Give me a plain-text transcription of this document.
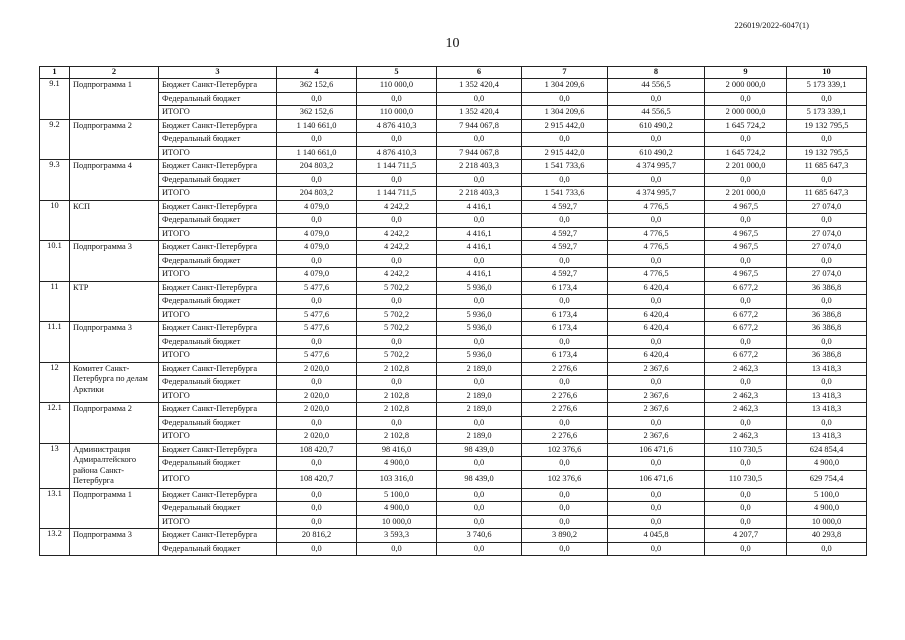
226019/2022-6047(1)
10
1	2	3	4	5	6	7	8	9	10
9.1	Подпрограмма 1	Бюджет Санкт-Петербурга	362 152,6	110 000,0	1 352 420,4	1 304 209,6	44 556,5	2 000 000,0	5 173 339,1
		Федеральный бюджет	0,0	0,0	0,0	0,0	0,0	0,0	0,0
		ИТОГО	362 152,6	110 000,0	1 352 420,4	1 304 209,6	44 556,5	2 000 000,0	5 173 339,1
9.2	Подпрограмма 2	Бюджет Санкт-Петербурга	1 140 661,0	4 876 410,3	7 944 067,8	2 915 442,0	610 490,2	1 645 724,2	19 132 795,5
		Федеральный бюджет	0,0	0,0	0,0	0,0	0,0	0,0	0,0
		ИТОГО	1 140 661,0	4 876 410,3	7 944 067,8	2 915 442,0	610 490,2	1 645 724,2	19 132 795,5
9.3	Подпрограмма 4	Бюджет Санкт-Петербурга	204 803,2	1 144 711,5	2 218 403,3	1 541 733,6	4 374 995,7	2 201 000,0	11 685 647,3
		Федеральный бюджет	0,0	0,0	0,0	0,0	0,0	0,0	0,0
		ИТОГО	204 803,2	1 144 711,5	2 218 403,3	1 541 733,6	4 374 995,7	2 201 000,0	11 685 647,3
10	КСП	Бюджет Санкт-Петербурга	4 079,0	4 242,2	4 416,1	4 592,7	4 776,5	4 967,5	27 074,0
		Федеральный бюджет	0,0	0,0	0,0	0,0	0,0	0,0	0,0
		ИТОГО	4 079,0	4 242,2	4 416,1	4 592,7	4 776,5	4 967,5	27 074,0
10.1	Подпрограмма 3	Бюджет Санкт-Петербурга	4 079,0	4 242,2	4 416,1	4 592,7	4 776,5	4 967,5	27 074,0
		Федеральный бюджет	0,0	0,0	0,0	0,0	0,0	0,0	0,0
		ИТОГО	4 079,0	4 242,2	4 416,1	4 592,7	4 776,5	4 967,5	27 074,0
11	КТР	Бюджет Санкт-Петербурга	5 477,6	5 702,2	5 936,0	6 173,4	6 420,4	6 677,2	36 386,8
		Федеральный бюджет	0,0	0,0	0,0	0,0	0,0	0,0	0,0
		ИТОГО	5 477,6	5 702,2	5 936,0	6 173,4	6 420,4	6 677,2	36 386,8
11.1	Подпрограмма 3	Бюджет Санкт-Петербурга	5 477,6	5 702,2	5 936,0	6 173,4	6 420,4	6 677,2	36 386,8
		Федеральный бюджет	0,0	0,0	0,0	0,0	0,0	0,0	0,0
		ИТОГО	5 477,6	5 702,2	5 936,0	6 173,4	6 420,4	6 677,2	36 386,8
12	Комитет Санкт-Петербурга по делам Арктики	Бюджет Санкт-Петербурга	2 020,0	2 102,8	2 189,0	2 276,6	2 367,6	2 462,3	13 418,3
		Федеральный бюджет	0,0	0,0	0,0	0,0	0,0	0,0	0,0
		ИТОГО	2 020,0	2 102,8	2 189,0	2 276,6	2 367,6	2 462,3	13 418,3
12.1	Подпрограмма 2	Бюджет Санкт-Петербурга	2 020,0	2 102,8	2 189,0	2 276,6	2 367,6	2 462,3	13 418,3
		Федеральный бюджет	0,0	0,0	0,0	0,0	0,0	0,0	0,0
		ИТОГО	2 020,0	2 102,8	2 189,0	2 276,6	2 367,6	2 462,3	13 418,3
13	Администрация Адмиралтейского района Санкт-Петербурга	Бюджет Санкт-Петербурга	108 420,7	98 416,0	98 439,0	102 376,6	106 471,6	110 730,5	624 854,4
		Федеральный бюджет	0,0	4 900,0	0,0	0,0	0,0	0,0	4 900,0
		ИТОГО	108 420,7	103 316,0	98 439,0	102 376,6	106 471,6	110 730,5	629 754,4
13.1	Подпрограмма 1	Бюджет Санкт-Петербурга	0,0	5 100,0	0,0	0,0	0,0	0,0	5 100,0
		Федеральный бюджет	0,0	4 900,0	0,0	0,0	0,0	0,0	4 900,0
		ИТОГО	0,0	10 000,0	0,0	0,0	0,0	0,0	10 000,0
13.2	Подпрограмма 3	Бюджет Санкт-Петербурга	20 816,2	3 593,3	3 740,6	3 890,2	4 045,8	4 207,7	40 293,8
		Федеральный бюджет	0,0	0,0	0,0	0,0	0,0	0,0	0,0
